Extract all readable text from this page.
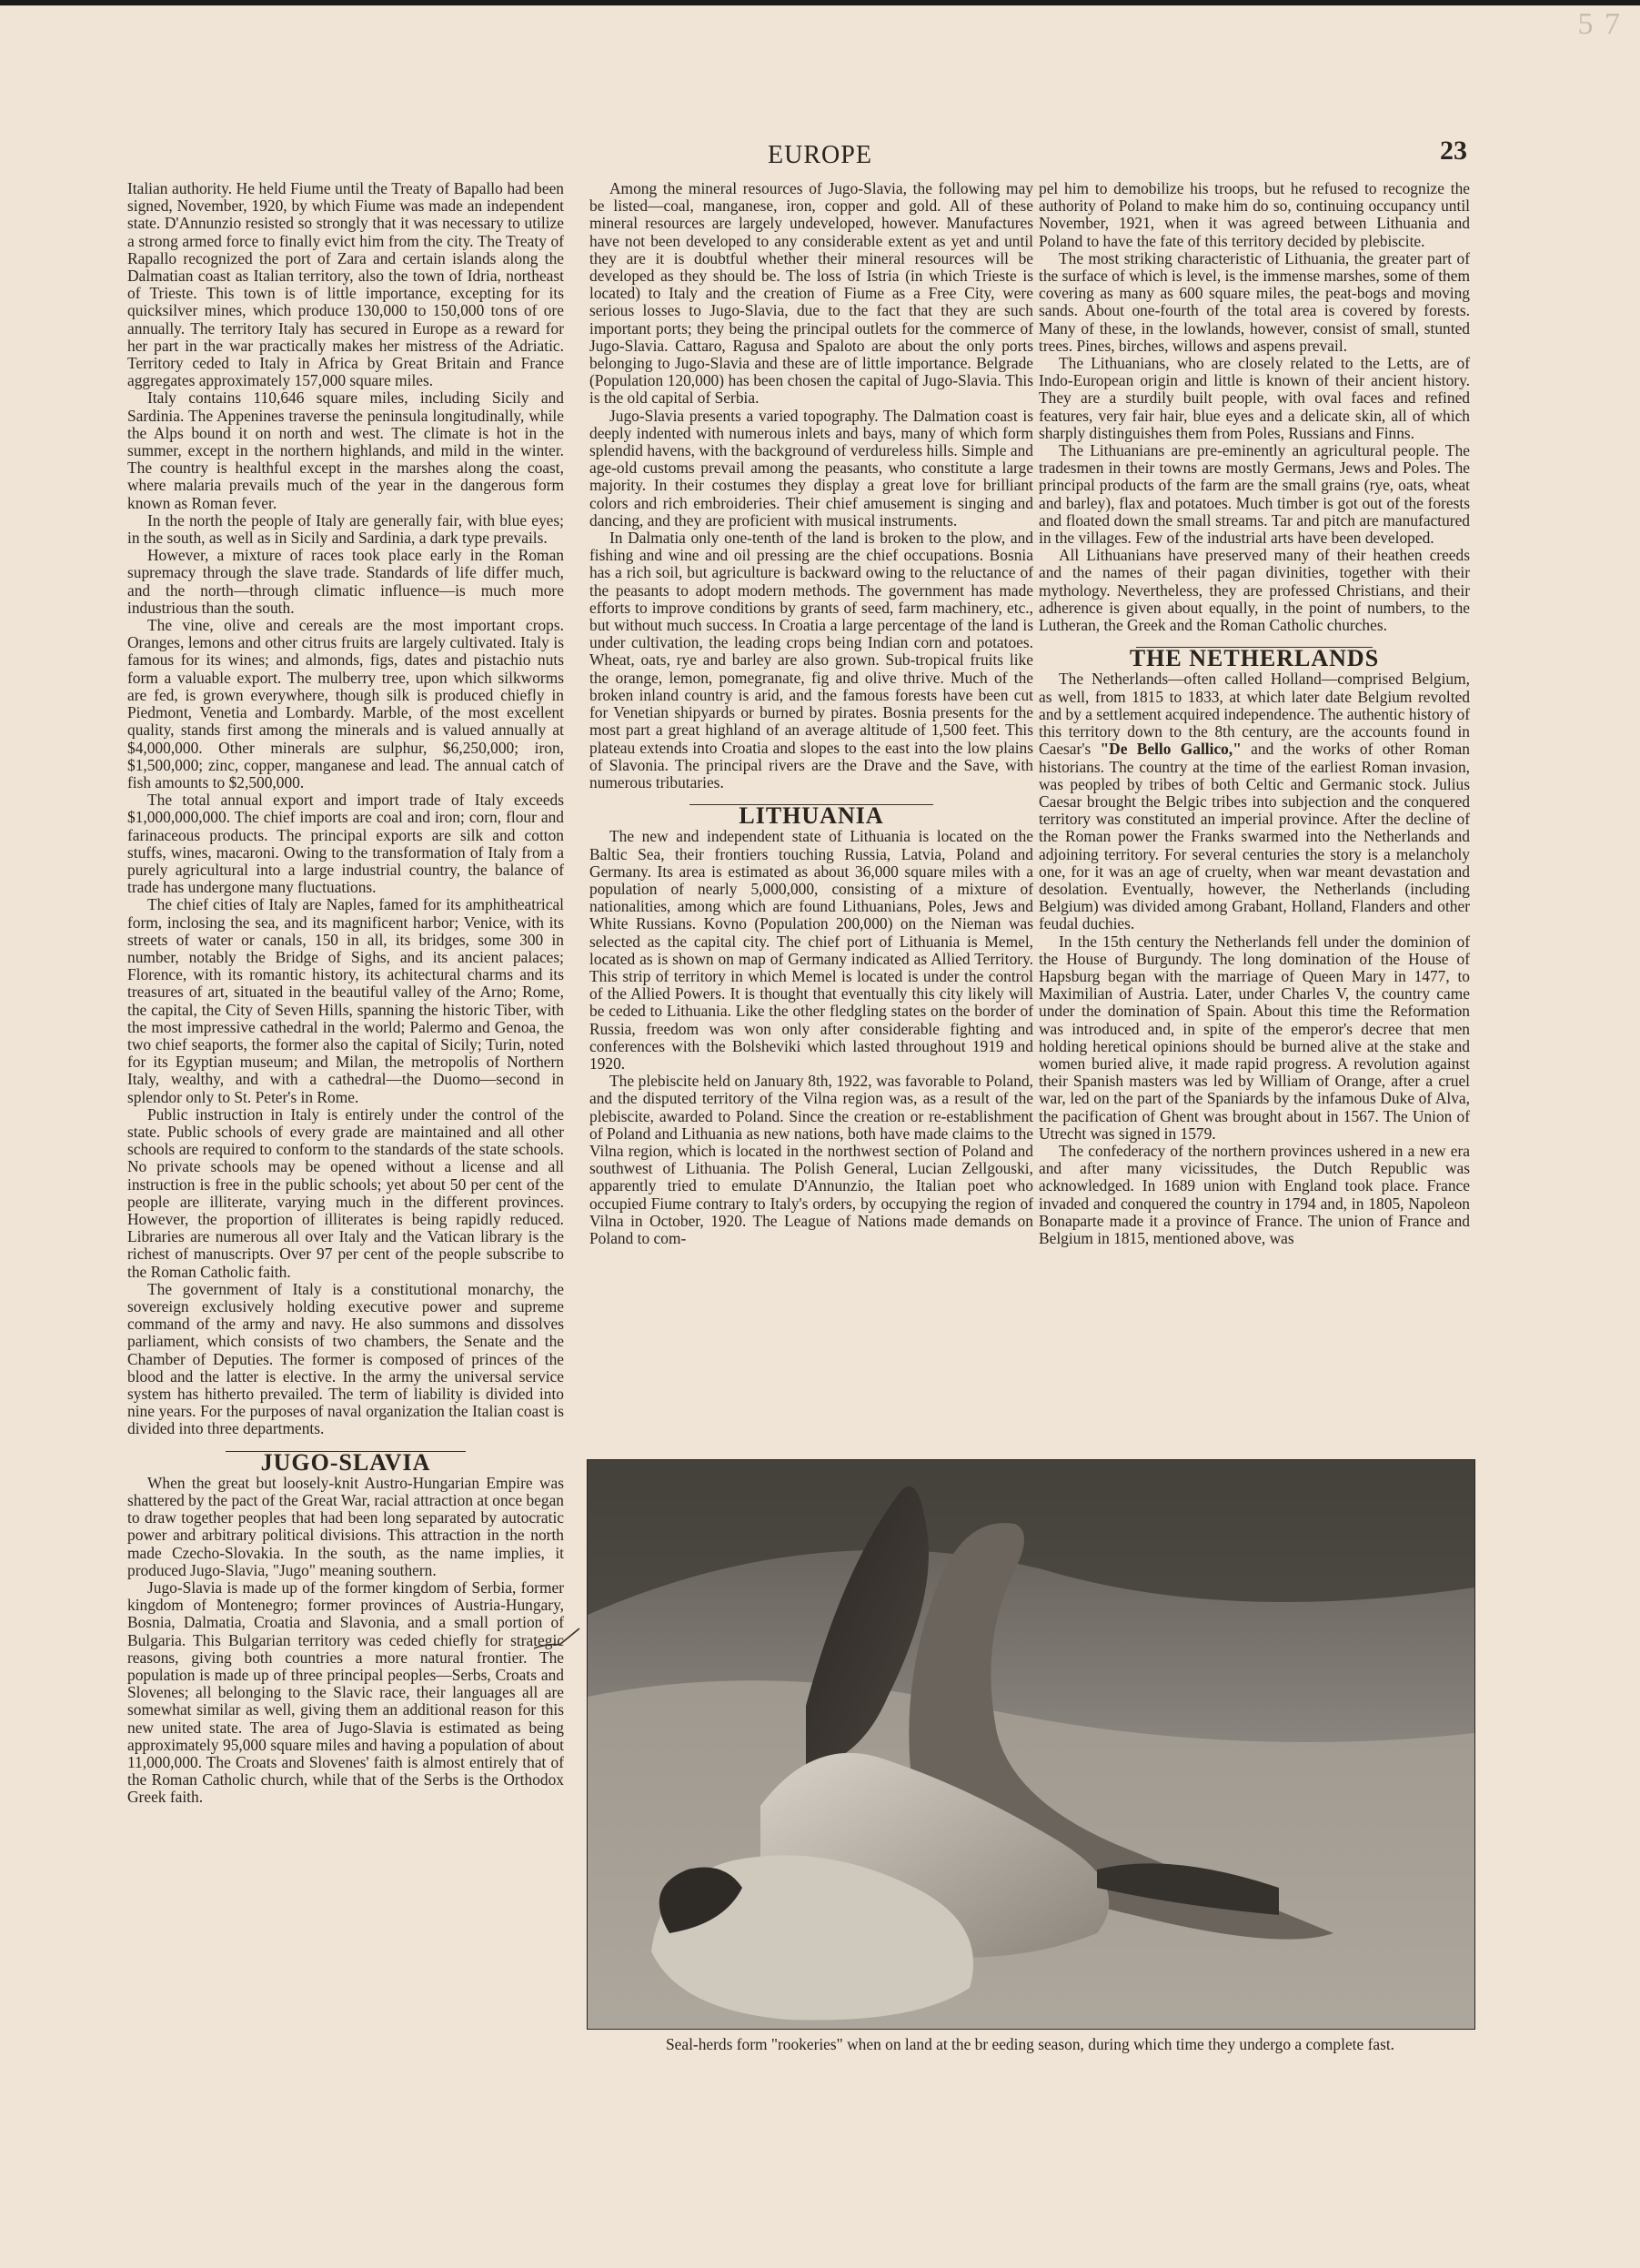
5 7
EUROPE	23

Italian authority. He held Fiume until the Treaty of Bapallo had been signed, November, 1920, by which Fiume was made an independent state. D'Annunzio resisted so strongly that it was necessary to utilize a strong armed force to finally evict him from the city. The Treaty of Rapallo recognized the port of Zara and certain islands along the Dalmatian coast as Italian territory, also the town of Idria, northeast of Trieste. This town is of little importance, excepting for its quicksilver mines, which produce 130,000 to 150,000 tons of ore annually. The territory Italy has secured in Europe as a reward for her part in the war practically makes her mistress of the Adriatic. Territory ceded to Italy in Africa by Great Britain and France aggregates approximately 157,000 square miles.

Italy contains 110,646 square miles, including Sicily and Sardinia. The Appenines traverse the peninsula longitudinally, while the Alps bound it on north and west. The climate is hot in the summer, except in the northern highlands, and mild in the winter. The country is healthful except in the marshes along the coast, where malaria prevails much of the year in the dangerous form known as Roman fever.

In the north the people of Italy are generally fair, with blue eyes; in the south, as well as in Sicily and Sardinia, a dark type prevails.

However, a mixture of races took place early in the Roman supremacy through the slave trade. Standards of life differ much, and the north—through climatic influence—is much more industrious than the south.

The vine, olive and cereals are the most important crops. Oranges, lemons and other citrus fruits are largely cultivated. Italy is famous for its wines; and almonds, figs, dates and pistachio nuts form a valuable export. The mulberry tree, upon which silkworms are fed, is grown everywhere, though silk is produced chiefly in Piedmont, Venetia and Lombardy. Marble, of the most excellent quality, stands first among the minerals and is valued annually at $4,000,000. Other minerals are sulphur, $6,250,000; iron, $1,500,000; zinc, copper, manganese and lead. The annual catch of fish amounts to $2,500,000.

The total annual export and import trade of Italy exceeds $1,000,000,000. The chief imports are coal and iron; corn, flour and farinaceous products. The principal exports are silk and cotton stuffs, wines, macaroni. Owing to the transformation of Italy from a purely agricultural into a large industrial country, the balance of trade has undergone many fluctuations.

The chief cities of Italy are Naples, famed for its amphitheatrical form, inclosing the sea, and its magnificent harbor; Venice, with its streets of water or canals, 150 in all, its bridges, some 300 in number, notably the Bridge of Sighs, and its ancient palaces; Florence, with its romantic history, its achitectural charms and its treasures of art, situated in the beautiful valley of the Arno; Rome, the capital, the City of Seven Hills, spanning the historic Tiber, with the most impressive cathedral in the world; Palermo and Genoa, the two chief seaports, the former also the capital of Sicily; Turin, noted for its Egyptian museum; and Milan, the metropolis of Northern Italy, wealthy, and with a cathedral—the Duomo—second in splendor only to St. Peter's in Rome.

Public instruction in Italy is entirely under the control of the state. Public schools of every grade are maintained and all other schools are required to conform to the standards of the state schools. No private schools may be opened without a license and all instruction is free in the public schools; yet about 50 per cent of the people are illiterate, varying much in the different provinces. However, the proportion of illiterates is being rapidly reduced. Libraries are numerous all over Italy and the Vatican library is the richest of manuscripts. Over 97 per cent of the people subscribe to the Roman Catholic faith.

The government of Italy is a constitutional monarchy, the sovereign exclusively holding executive power and supreme command of the army and navy. He also summons and dissolves parliament, which consists of two chambers, the Senate and the Chamber of Deputies. The former is composed of princes of the blood and the latter is elective. In the army the universal service system has hitherto prevailed. The term of liability is divided into nine years. For the purposes of naval organization the Italian coast is divided into three departments.

JUGO-SLAVIA

When the great but loosely-knit Austro-Hungarian Empire was shattered by the pact of the Great War, racial attraction at once began to draw together peoples that had been long separated by autocratic power and arbitrary political divisions. This attraction in the north made Czecho-Slovakia. In the south, as the name implies, it produced Jugo-Slavia, "Jugo" meaning southern.

Jugo-Slavia is made up of the former kingdom of Serbia, former kingdom of Montenegro; former provinces of Austria-Hungary, Bosnia, Dalmatia, Croatia and Slavonia, and a small portion of Bulgaria. This Bulgarian territory was ceded chiefly for strategic reasons, giving both countries a more natural frontier. The population is made up of three principal peoples—Serbs, Croats and Slovenes; all belonging to the Slavic race, their languages all are somewhat similar as well, giving them an additional reason for this new united state. The area of Jugo-Slavia is estimated as being approximately 95,000 square miles and having a population of about 11,000,000. The Croats and Slovenes' faith is almost entirely that of the Roman Catholic church, while that of the Serbs is the Orthodox Greek faith.

Among the mineral resources of Jugo-Slavia, the following may be listed—coal, manganese, iron, copper and gold. All of these mineral resources are largely undeveloped, however. Manufactures have not been developed to any considerable extent as yet and until they are it is doubtful whether their mineral resources will be developed as they should be. The loss of Istria (in which Trieste is located) to Italy and the creation of Fiume as a Free City, were serious losses to Jugo-Slavia, due to the fact that they are such important ports; they being the principal outlets for the commerce of Jugo-Slavia. Cattaro, Ragusa and Spaloto are about the only ports belonging to Jugo-Slavia and these are of little importance. Belgrade (Population 120,000) has been chosen the capital of Jugo-Slavia. This is the old capital of Serbia.

Jugo-Slavia presents a varied topography. The Dalmation coast is deeply indented with numerous inlets and bays, many of which form splendid havens, with the background of verdureless hills. Simple and age-old customs prevail among the peasants, who constitute a large majority. In their costumes they display a great love for brilliant colors and rich embroideries. Their chief amusement is singing and dancing, and they are proficient with musical instruments.

In Dalmatia only one-tenth of the land is broken to the plow, and fishing and wine and oil pressing are the chief occupations. Bosnia has a rich soil, but agriculture is backward owing to the reluctance of the peasants to adopt modern methods. The government has made efforts to improve conditions by grants of seed, farm machinery, etc., but without much success. In Croatia a large percentage of the land is under cultivation, the leading crops being Indian corn and potatoes. Wheat, oats, rye and barley are also grown. Sub-tropical fruits like the orange, lemon, pomegranate, fig and olive thrive. Much of the broken inland country is arid, and the famous forests have been cut for Venetian shipyards or burned by pirates. Bosnia presents for the most part a great highland of an average altitude of 1,500 feet. This plateau extends into Croatia and slopes to the east into the low plains of Slavonia. The principal rivers are the Drave and the Save, with numerous tributaries.

LITHUANIA

The new and independent state of Lithuania is located on the Baltic Sea, their frontiers touching Russia, Latvia, Poland and Germany. Its area is estimated as about 36,000 square miles with a population of nearly 5,000,000, consisting of a mixture of nationalities, among which are found Lithuanians, Poles, Jews and White Russians. Kovno (Population 200,000) on the Nieman was selected as the capital city. The chief port of Lithuania is Memel, located as is shown on map of Germany indicated as Allied Territory. This strip of territory in which Memel is located is under the control of the Allied Powers. It is thought that eventually this city likely will be ceded to Lithuania. Like the other fledgling states on the border of Russia, freedom was won only after considerable fighting and conferences with the Bolsheviki which lasted throughout 1919 and 1920.

The plebiscite held on January 8th, 1922, was favorable to Poland, and the disputed territory of the Vilna region was, as a result of the plebiscite, awarded to Poland. Since the creation or re-establishment of Poland and Lithuania as new nations, both have made claims to the Vilna region, which is located in the northwest section of Poland and southwest of Lithuania. The Polish General, Lucian Zellgouski, apparently tried to emulate D'Annunzio, the Italian poet who occupied Fiume contrary to Italy's orders, by occupying the region of Vilna in October, 1920. The League of Nations made demands on Poland to com-

pel him to demobilize his troops, but he refused to recognize the authority of Poland to make him do so, continuing occupancy until November, 1921, when it was agreed between Lithuania and Poland to have the fate of this territory decided by plebiscite.

The most striking characteristic of Lithuania, the greater part of the surface of which is level, is the immense marshes, some of them covering as many as 600 square miles, the peat-bogs and moving sands. About one-fourth of the total area is covered by forests. Many of these, in the lowlands, however, consist of small, stunted trees. Pines, birches, willows and aspens prevail.

The Lithuanians, who are closely related to the Letts, are of Indo-European origin and little is known of their ancient history. They are a sturdily built people, with oval faces and refined features, very fair hair, blue eyes and a delicate skin, all of which sharply distinguishes them from Poles, Russians and Finns.

The Lithuanians are pre-eminently an agricultural people. The tradesmen in their towns are mostly Germans, Jews and Poles. The principal products of the farm are the small grains (rye, oats, wheat and barley), flax and potatoes. Much timber is got out of the forests and floated down the small streams. Tar and pitch are manufactured in the villages. Few of the industrial arts have been developed.

All Lithuanians have preserved many of their heathen creeds and the names of their pagan divinities, together with their mythology. Nevertheless, they are professed Christians, and their adherence is given about equally, in the point of numbers, to the Lutheran, the Greek and the Roman Catholic churches.

THE NETHERLANDS

The Netherlands—often called Holland—comprised Belgium, as well, from 1815 to 1833, at which later date Belgium revolted and by a settlement acquired independence. The authentic history of this territory down to the 8th century, are the accounts found in Caesar's "De Bello Gallico," and the works of other Roman historians. The country at the time of the earliest Roman invasion, was peopled by tribes of both Celtic and Germanic stock. Julius Caesar brought the Belgic tribes into subjection and the conquered territory was constituted an imperial province. After the decline of the Roman power the Franks swarmed into the Netherlands and adjoining territory. For several centuries the story is a melancholy one, for it was an age of cruelty, when war meant devastation and desolation. Eventually, however, the Netherlands (including Belgium) was divided among Grabant, Holland, Flanders and other feudal duchies.

In the 15th century the Netherlands fell under the dominion of the House of Burgundy. The long domination of the House of Hapsburg began with the marriage of Queen Mary in 1477, to Maximilian of Austria. Later, under Charles V, the country came under the domination of Spain. About this time the Reformation was introduced and, in spite of the emperor's decree that men holding heretical opinions should be burned alive at the stake and women buried alive, it made rapid progress. A revolution against their Spanish masters was led by William of Orange, after a cruel war, led on the part of the Spaniards by the infamous Duke of Alva, the pacification of Ghent was brought about in 1567. The Union of Utrecht was signed in 1579.

The confederacy of the northern provinces ushered in a new era and after many vicissitudes, the Dutch Republic was acknowledged. In 1689 union with England took place. France invaded and conquered the country in 1794 and, in 1805, Napoleon Bonaparte made it a province of France. The union of France and Belgium in 1815, mentioned above, was

Seal-herds form "rookeries" when on land at the br eeding season, during which time they undergo a complete fast.
